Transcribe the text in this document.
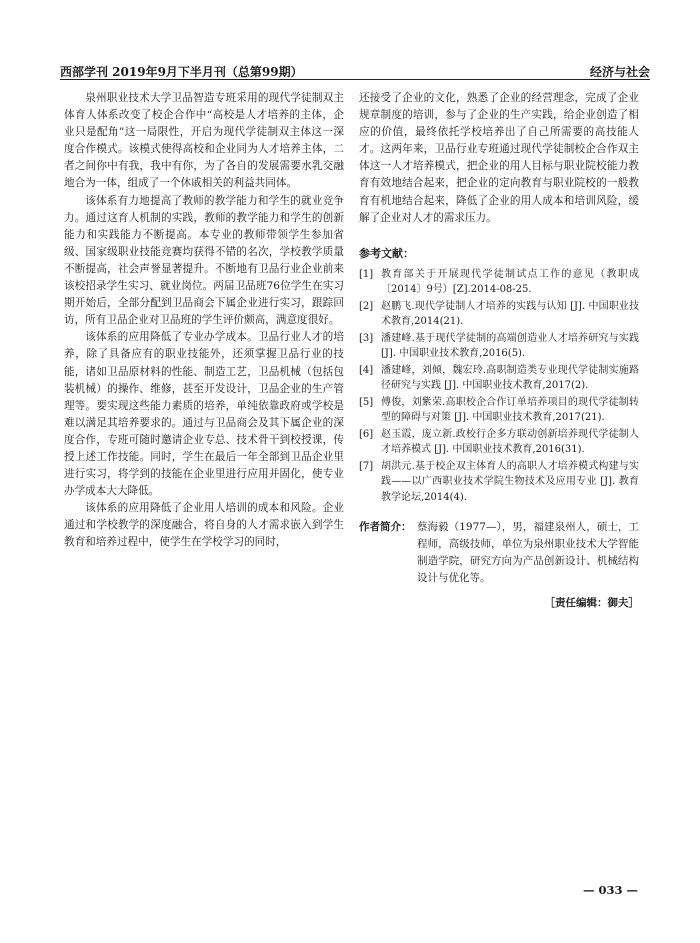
西部学刊 2019年9月下半月刊（总第99期）	经济与社会

泉州职业技术大学卫品智造专班采用的现代学徒制双主体育人体系改变了校企合作中“高校是人才培养的主体，企业只是配角”这一局限性，开启为现代学徒制双主体这一深度合作模式。该模式使得高校和企业同为人才培养主体，二者之间你中有我，我中有你，为了各自的发展需要水乳交融地合为一体，组成了一个休戚相关的利益共同体。

该体系有力地提高了教师的教学能力和学生的就业竞争力。通过这育人机制的实践，教师的教学能力和学生的创新能力和实践能力不断提高。本专业的教师带领学生参加省级、国家级职业技能竞赛均获得不错的名次，学校教学质量不断提高，社会声誉显著提升。不断地有卫品行业企业前来该校招录学生实习、就业岗位。两届卫品班76位学生在实习期开始后，全部分配到卫品商会下属企业进行实习，跟踪回访，所有卫品企业对卫品班的学生评价颇高，满意度很好。

该体系的应用降低了专业办学成本。卫品行业人才的培养，除了具备应有的职业技能外，还须掌握卫品行业的技能，诸如卫品原材料的性能、制造工艺，卫品机械（包括包装机械）的操作、维修，甚至开发设计，卫品企业的生产管理等。要实现这些能力素质的培养，单纯依靠政府或学校是难以满足其培养要求的。通过与卫品商会及其下属企业的深度合作，专班可随时邀请企业专总、技术骨干到校授课，传授上述工作技能。同时，学生在最后一年全部到卫品企业里进行实习，将学到的技能在企业里进行应用并固化，使专业办学成本大大降低。

该体系的应用降低了企业用人培训的成本和风险。企业通过和学校教学的深度融合，将自身的人才需求嵌入到学生教育和培养过程中，使学生在学校学习的同时，

还接受了企业的文化，熟悉了企业的经营理念，完成了企业规章制度的培训，参与了企业的生产实践，给企业创造了相应的价值，最终依托学校培养出了自己所需要的高技能人才。这两年来，卫品行业专班通过现代学徒制校企合作双主体这一人才培养模式，把企业的用人目标与职业院校能力教育有效地结合起来，把企业的定向教育与职业院校的一般教育有机地结合起来，降低了企业的用人成本和培训风险，缓解了企业对人才的需求压力。

参考文献：
[1] 教育部关于开展现代学徒制试点工作的意见（教职成〔2014〕9号）[Z].2014-08-25.
[2] 赵鹏飞.现代学徒制人才培养的实践与认知 [J]. 中国职业技术教育,2014(21).
[3] 潘建峰.基于现代学徒制的高端创造业人才培养研究与实践 [J]. 中国职业技术教育,2016(5).
[4] 潘建峰，刘倾，魏宏玲.高职制造类专业现代学徒制实施路径研究与实践 [J]. 中国职业技术教育,2017(2).
[5] 傅俊，刘紫荣.高职校企合作订单培养项目的现代学徒制转型的障碍与对策 [J]. 中国职业技术教育,2017(21).
[6] 赵玉霞，庞立新.政校行企多方联动创新培养现代学徒制人才培养模式 [J]. 中国职业技术教育,2016(31).
[7] 胡洪元.基于校企双主体育人的高职人才培养模式构建与实践——以广西职业技术学院生物技术及应用专业 [J]. 教育教学论坛,2014(4).
作者简介： 蔡海毅（1977—），男，福建泉州人，硕士，工程师，高级技师，单位为泉州职业技术大学智能制造学院，研究方向为产品创新设计、机械结构设计与优化等。
［责任编辑：御夫］
— 033 —
